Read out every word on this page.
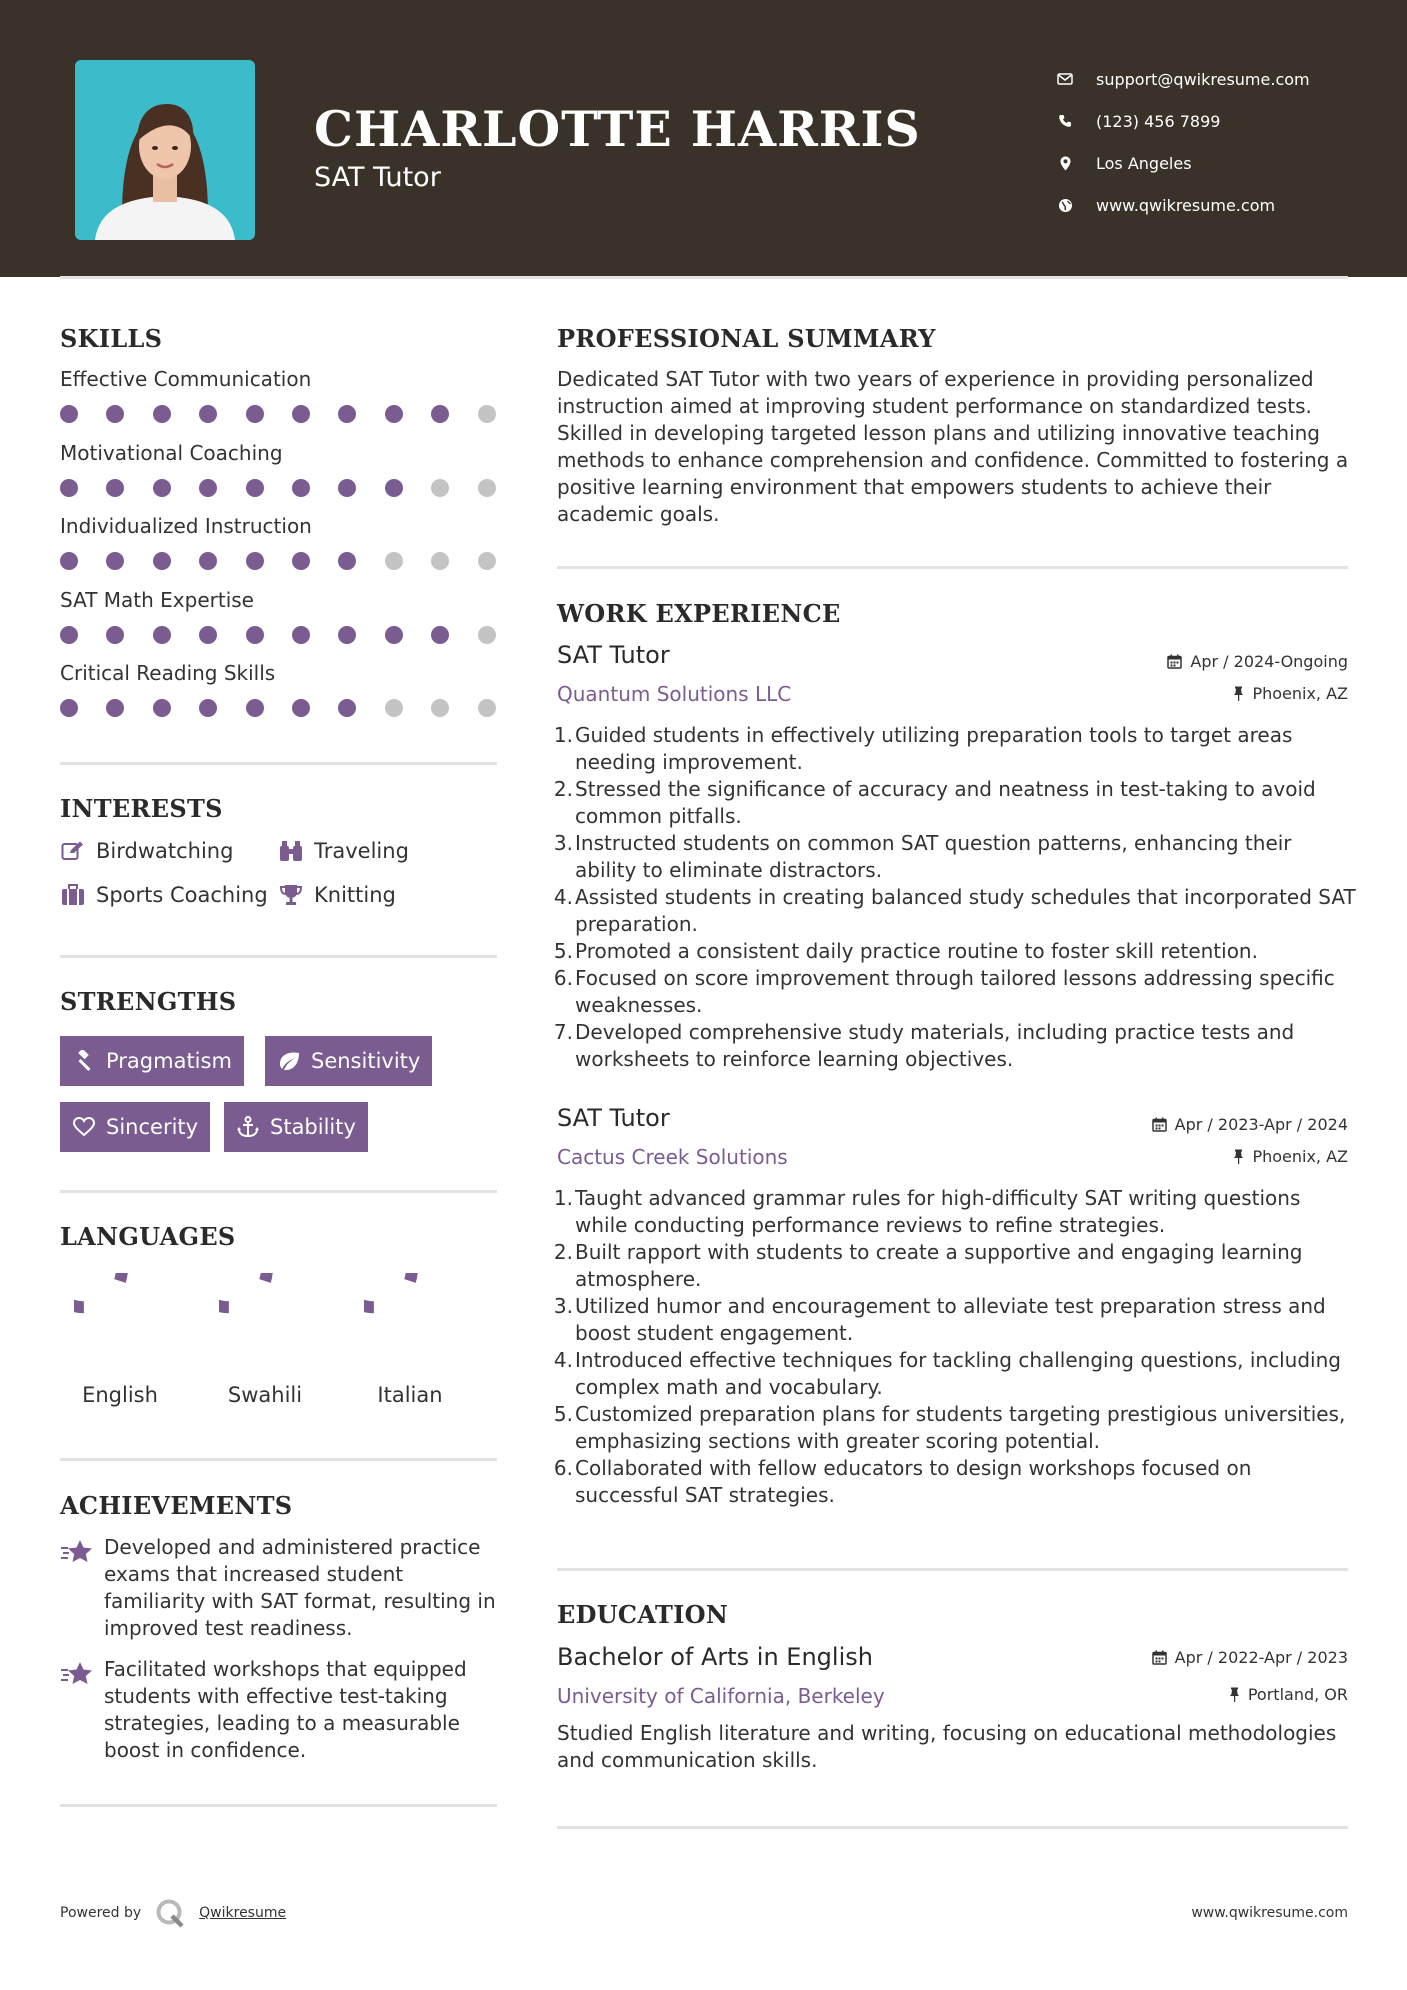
CHARLOTTE HARRIS
SAT Tutor
support@qwikresume.com
(123) 456 7899
Los Angeles
www.qwikresume.com
SKILLS
Effective Communication
Motivational Coaching
Individualized Instruction
SAT Math Expertise
Critical Reading Skills
INTERESTS
Birdwatching	Traveling
Sports Coaching Knitting
STRENGTHS
Pragmatism	Sensitivity
Sincerity	Stability
LANGUAGES
English	Swahili	Italian
ACHIEVEMENTS
Developed and administered practice exams that increased student familiarity with SAT format, resulting in improved test readiness.
Facilitated workshops that equipped students with effective test-taking strategies, leading to a measurable boost in confidence.
PROFESSIONAL SUMMARY
Dedicated SAT Tutor with two years of experience in providing personalized instruction aimed at improving student performance on standardized tests. Skilled in developing targeted lesson plans and utilizing innovative teaching methods to enhance comprehension and confidence. Committed to fostering a positive learning environment that empowers students to achieve their academic goals.
WORK EXPERIENCE
SAT Tutor	Apr / 2024-Ongoing
Quantum Solutions LLC	Phoenix, AZ
1. Guided students in effectively utilizing preparation tools to target areas needing improvement.
2. Stressed the significance of accuracy and neatness in test-taking to avoid common pitfalls.
3. Instructed students on common SAT question patterns, enhancing their ability to eliminate distractors.
4. Assisted students in creating balanced study schedules that incorporated SAT preparation.
5. Promoted a consistent daily practice routine to foster skill retention.
6. Focused on score improvement through tailored lessons addressing specific weaknesses.
7. Developed comprehensive study materials, including practice tests and worksheets to reinforce learning objectives.
SAT Tutor	Apr / 2023-Apr / 2024
Cactus Creek Solutions	Phoenix, AZ
1. Taught advanced grammar rules for high-difficulty SAT writing questions while conducting performance reviews to refine strategies.
2. Built rapport with students to create a supportive and engaging learning atmosphere.
3. Utilized humor and encouragement to alleviate test preparation stress and boost student engagement.
4. Introduced effective techniques for tackling challenging questions, including complex math and vocabulary.
5. Customized preparation plans for students targeting prestigious universities, emphasizing sections with greater scoring potential.
6. Collaborated with fellow educators to design workshops focused on successful SAT strategies.
EDUCATION
Bachelor of Arts in English	Apr / 2022-Apr / 2023
University of California, Berkeley	Portland, OR
Studied English literature and writing, focusing on educational methodologies and communication skills.
Powered by	Qwikresume	www.qwikresume.com
